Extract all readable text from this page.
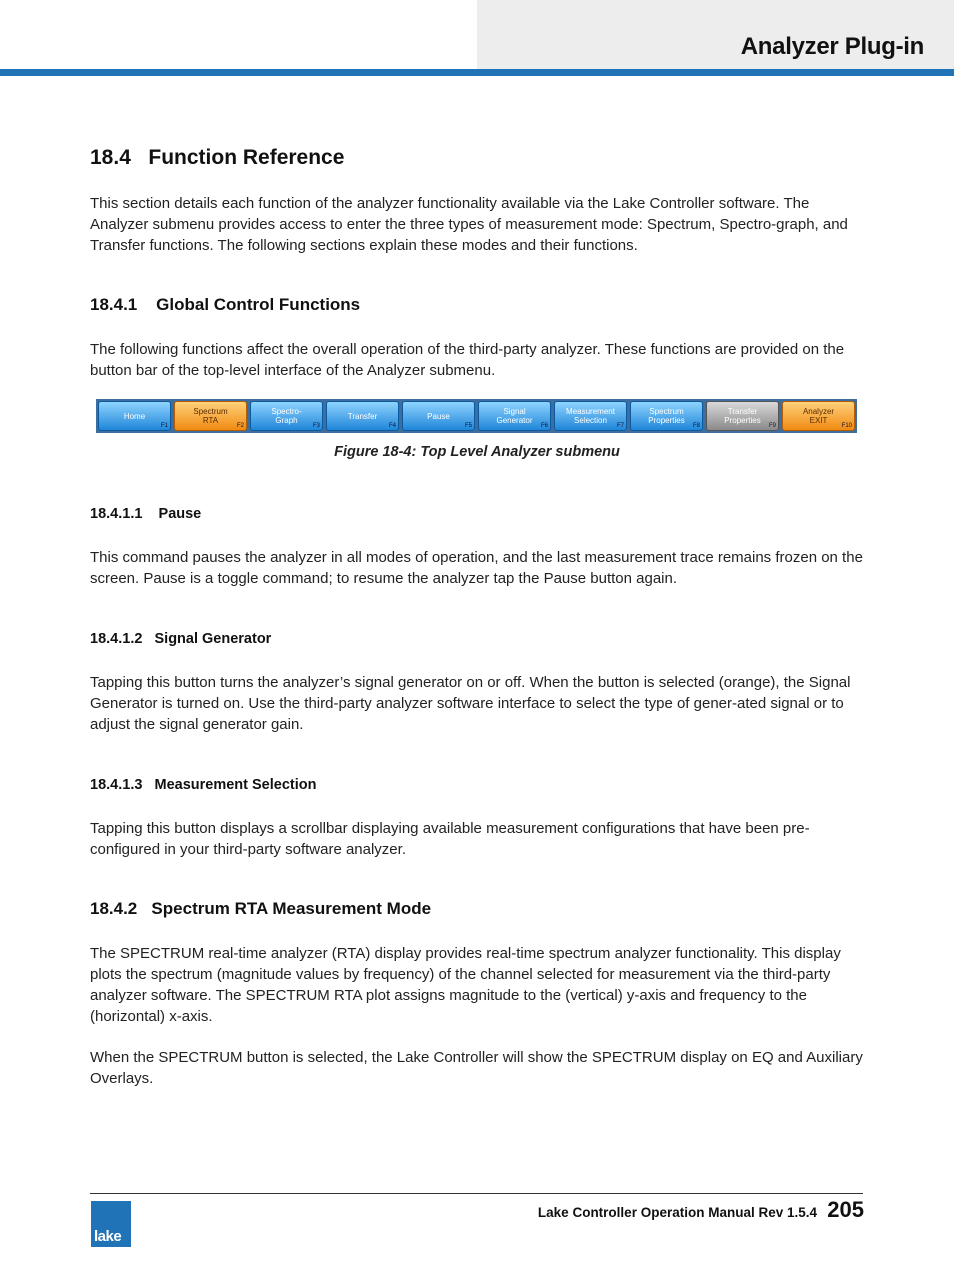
Analyzer Plug-in
18.4   Function Reference
This section details each function of the analyzer functionality available via the Lake Controller software. The Analyzer submenu provides access to enter the three types of measurement mode: Spectrum, Spectro-graph, and Transfer functions. The following sections explain these modes and their functions.
18.4.1    Global Control Functions
The following functions affect the overall operation of the third-party analyzer. These functions are provided on the button bar of the top-level interface of the Analyzer submenu.
Home
F1
Spectrum
RTA
F2
Spectro-
Graph
F3
Transfer
F4
Pause
F5
Signal
Generator
F6
Measurement
Selection
F7
Spectrum
Properties
F8
Transfer
Properties
F9
Analyzer
EXIT
F10
Figure 18-4: Top Level Analyzer submenu
18.4.1.1    Pause
This command pauses the analyzer in all modes of operation, and the last measurement trace remains frozen on the screen. Pause is a toggle command; to resume the analyzer tap the Pause button again.
18.4.1.2   Signal Generator
Tapping this button turns the analyzer’s signal generator on or off. When the button is selected (orange), the Signal Generator is turned on. Use the third-party analyzer software interface to select the type of gener-ated signal or to adjust the signal generator gain.
18.4.1.3   Measurement Selection
Tapping this button displays a scrollbar displaying available measurement configurations that have been pre-configured in your third-party software analyzer.
18.4.2   Spectrum RTA Measurement Mode
The SPECTRUM real-time analyzer (RTA) display provides real-time spectrum analyzer functionality. This display plots the spectrum (magnitude values by frequency) of the channel selected for measurement via the third-party analyzer software. The SPECTRUM RTA plot assigns magnitude to the (vertical) y-axis and frequency to the (horizontal) x-axis.
When the SPECTRUM button is selected, the Lake Controller will show the SPECTRUM display on EQ and Auxiliary Overlays.
lake
Lake Controller Operation Manual Rev 1.5.4 205
